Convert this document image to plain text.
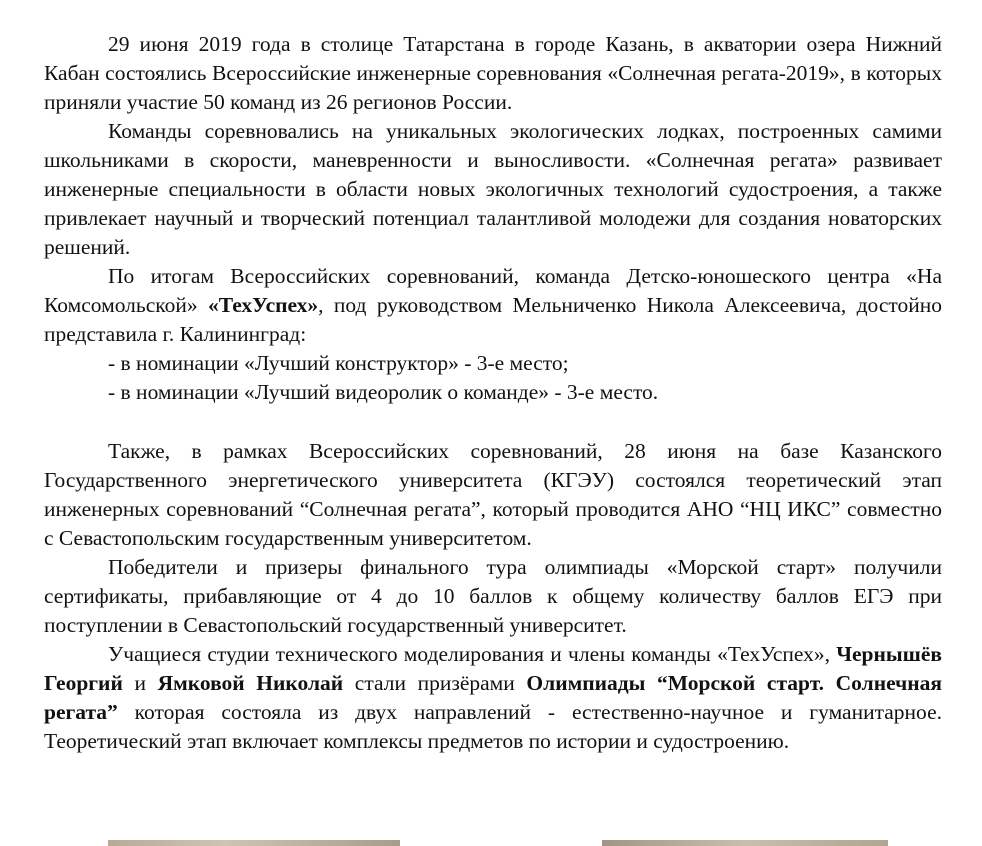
29 июня 2019 года в столице Татарстана в городе Казань, в акватории озера Нижний Кабан состоялись Всероссийские инженерные соревнования «Солнечная регата-2019», в которых приняли участие 50 команд из 26 регионов России.

Команды соревновались на уникальных экологических лодках, построенных самими школьниками в скорости, маневренности и выносливости. «Солнечная регата» развивает инженерные специальности в области новых экологичных технологий судостроения, а также привлекает научный и творческий потенциал талантливой молодежи для создания новаторских решений.

По итогам Всероссийских соревнований, команда Детско-юношеского центра «На Комсомольской» «ТехУспех», под руководством Мельниченко Никола Алексеевича, достойно представила г. Калининград:

- в номинации «Лучший конструктор» - 3-е место;

- в номинации «Лучший видеоролик о команде» - 3-е место.

Также, в рамках Всероссийских соревнований, 28 июня на базе Казанского Государственного энергетического университета (КГЭУ) состоялся теоретический этап инженерных соревнований “Солнечная регата”, который проводится АНО “НЦ ИКС” совместно с Севастопольским государственным университетом.

Победители и призеры финального тура олимпиады «Морской старт» получили сертификаты, прибавляющие от 4 до 10 баллов к общему количеству баллов ЕГЭ при поступлении в Севастопольский государственный университет.

Учащиеся студии технического моделирования и члены команды «ТехУспех», Чернышёв Георгий и Ямковой Николай стали призёрами Олимпиады “Морской старт. Солнечная регата” которая состояла из двух направлений - естественно-научное и гуманитарное. Теоретический этап включает комплексы предметов по истории и судостроению.
